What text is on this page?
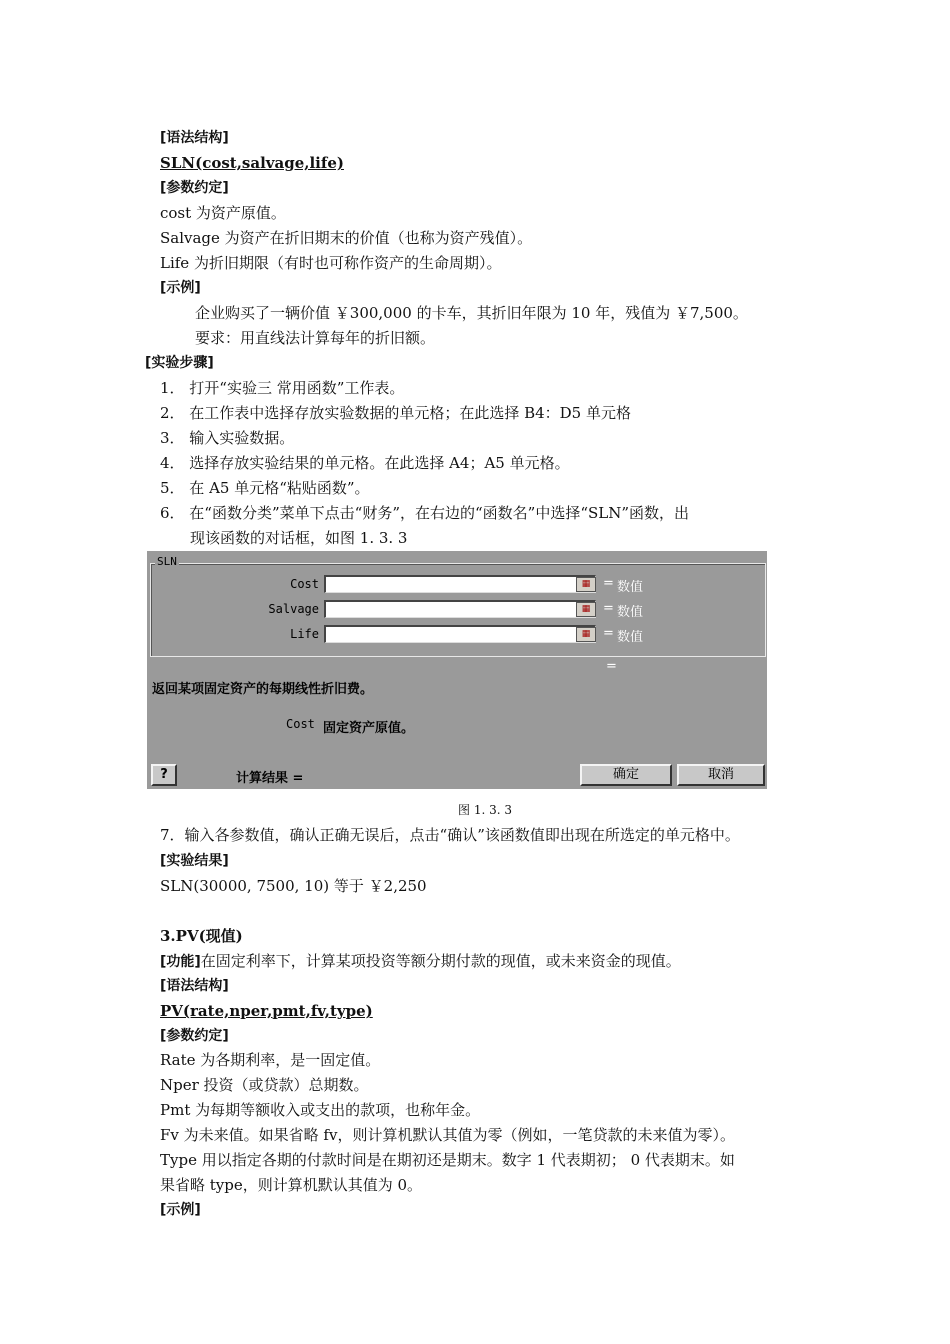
[语法结构]
SLN(cost,salvage,life)
[参数约定]
cost 为资产原值。
Salvage 为资产在折旧期末的价值（也称为资产残值）。
Life 为折旧期限（有时也可称作资产的生命周期）。
[示例]
企业购买了一辆价值 ￥300,000 的卡车，其折旧年限为 10 年，残值为 ￥7,500。
要求：用直线法计算每年的折旧额。
[实验步骤]
1． 打开“实验三 常用函数”工作表。
2． 在工作表中选择存放实验数据的单元格；在此选择 B4：D5 单元格
3． 输入实验数据。
4． 选择存放实验结果的单元格。在此选择 A4；A5 单元格。
5． 在 A5 单元格“粘贴函数”。
6． 在“函数分类”菜单下点击“财务”，在右边的“函数名”中选择“SLN”函数，出
现该函数的对话框，如图 1. 3. 3
SLN
Cost	▦ = 数值
Salvage	▦ = 数值
Life	▦ = 数值
=
返回某项固定资产的每期线性折旧费。
Cost 固定资产原值。
?	计算结果 =	确定	取消
图 1. 3. 3
7．输入各参数值，确认正确无误后，点击“确认”该函数值即出现在所选定的单元格中。
[实验结果]
SLN(30000, 7500, 10) 等于 ￥2,250
3.PV(现值)
[功能]在固定利率下，计算某项投资等额分期付款的现值，或未来资金的现值。
[语法结构]
PV(rate,nper,pmt,fv,type)
[参数约定]
Rate 为各期利率，是一固定值。
Nper 投资（或贷款）总期数。
Pmt 为每期等额收入或支出的款项，也称年金。
Fv 为未来值。如果省略 fv，则计算机默认其值为零（例如，一笔贷款的未来值为零）。
Type 用以指定各期的付款时间是在期初还是期末。数字 1 代表期初； 0 代表期末。如
果省略 type，则计算机默认其值为 0。
[示例]
